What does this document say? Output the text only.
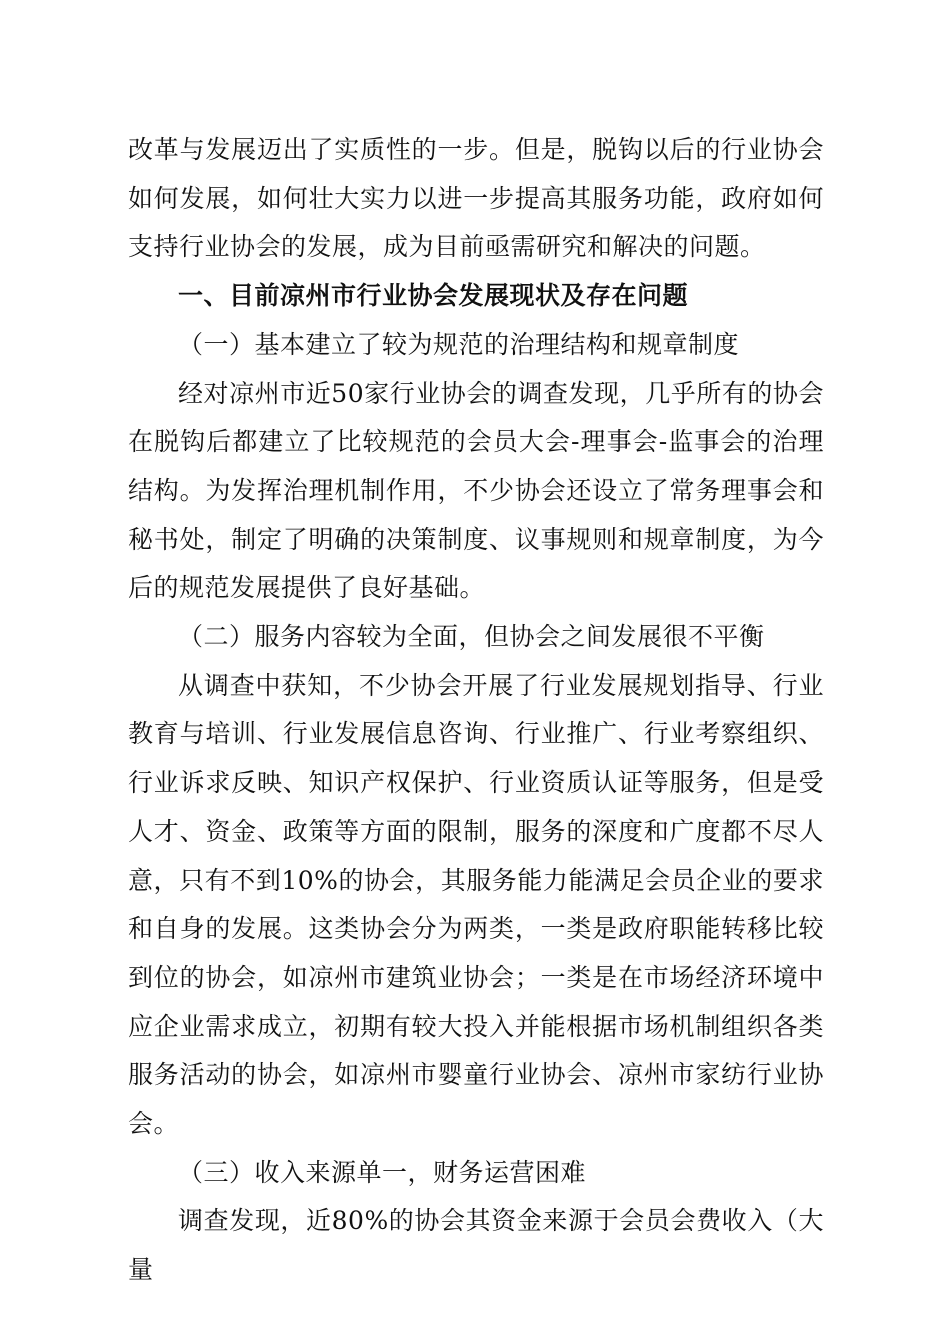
改革与发展迈出了实质性的一步。但是，脱钩以后的行业协会如何发展，如何壮大实力以进一步提高其服务功能，政府如何支持行业协会的发展，成为目前亟需研究和解决的问题。

一、目前凉州市行业协会发展现状及存在问题

（一）基本建立了较为规范的治理结构和规章制度

经对凉州市近50家行业协会的调查发现，几乎所有的协会在脱钩后都建立了比较规范的会员大会-理事会-监事会的治理结构。为发挥治理机制作用，不少协会还设立了常务理事会和秘书处，制定了明确的决策制度、议事规则和规章制度，为今后的规范发展提供了良好基础。

（二）服务内容较为全面，但协会之间发展很不平衡

从调查中获知，不少协会开展了行业发展规划指导、行业教育与培训、行业发展信息咨询、行业推广、行业考察组织、行业诉求反映、知识产权保护、行业资质认证等服务，但是受人才、资金、政策等方面的限制，服务的深度和广度都不尽人意，只有不到10%的协会，其服务能力能满足会员企业的要求和自身的发展。这类协会分为两类，一类是政府职能转移比较到位的协会，如凉州市建筑业协会；一类是在市场经济环境中应企业需求成立，初期有较大投入并能根据市场机制组织各类服务活动的协会，如凉州市婴童行业协会、凉州市家纺行业协会。

（三）收入来源单一，财务运营困难

调查发现，近80%的协会其资金来源于会员会费收入（大量
